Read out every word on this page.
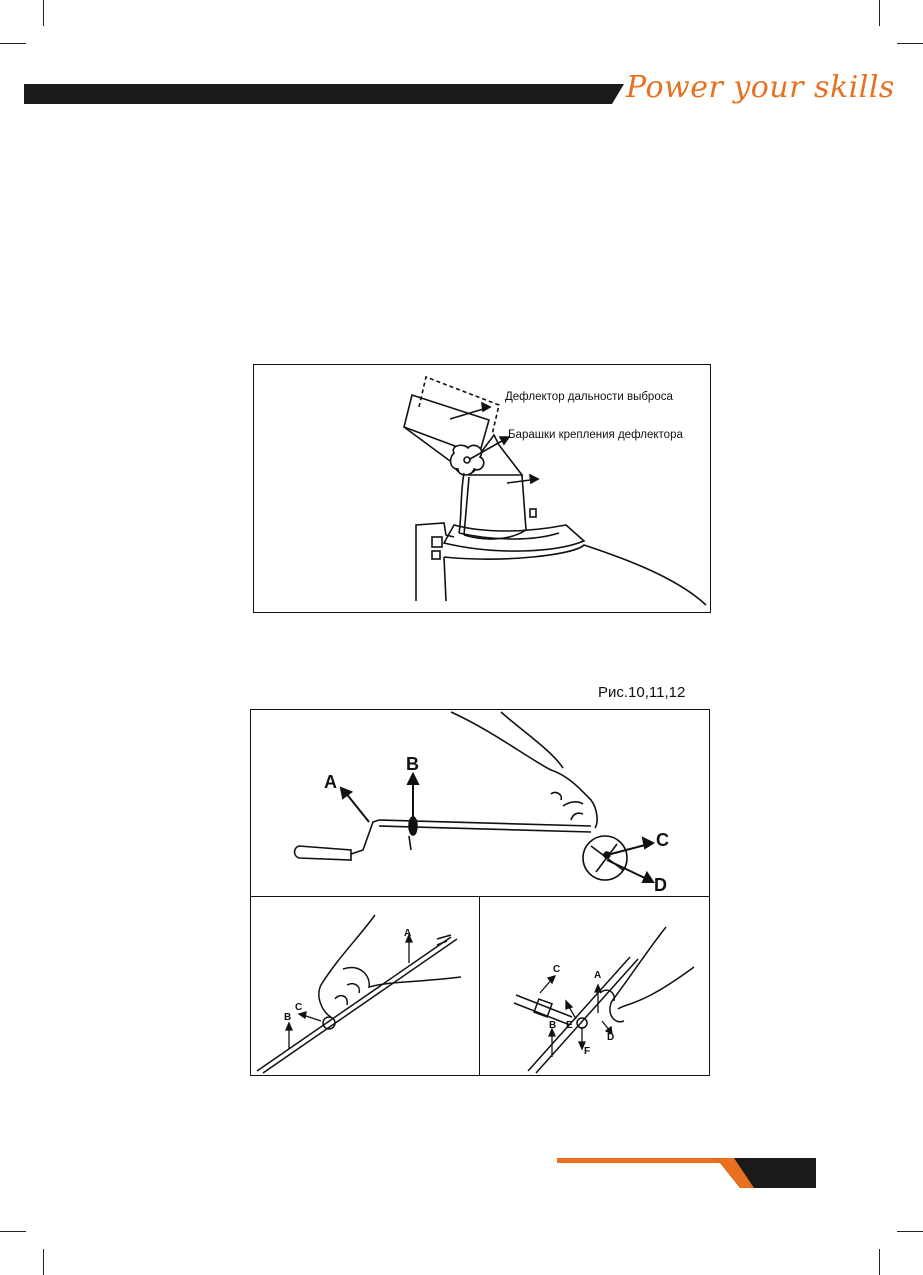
Power your skills
Дефлектор дальности выброса
Барашки крепления дефлектора
Рис.10,11,12
A
B
C
D
A
B
C
A
B
C
D
E
F
